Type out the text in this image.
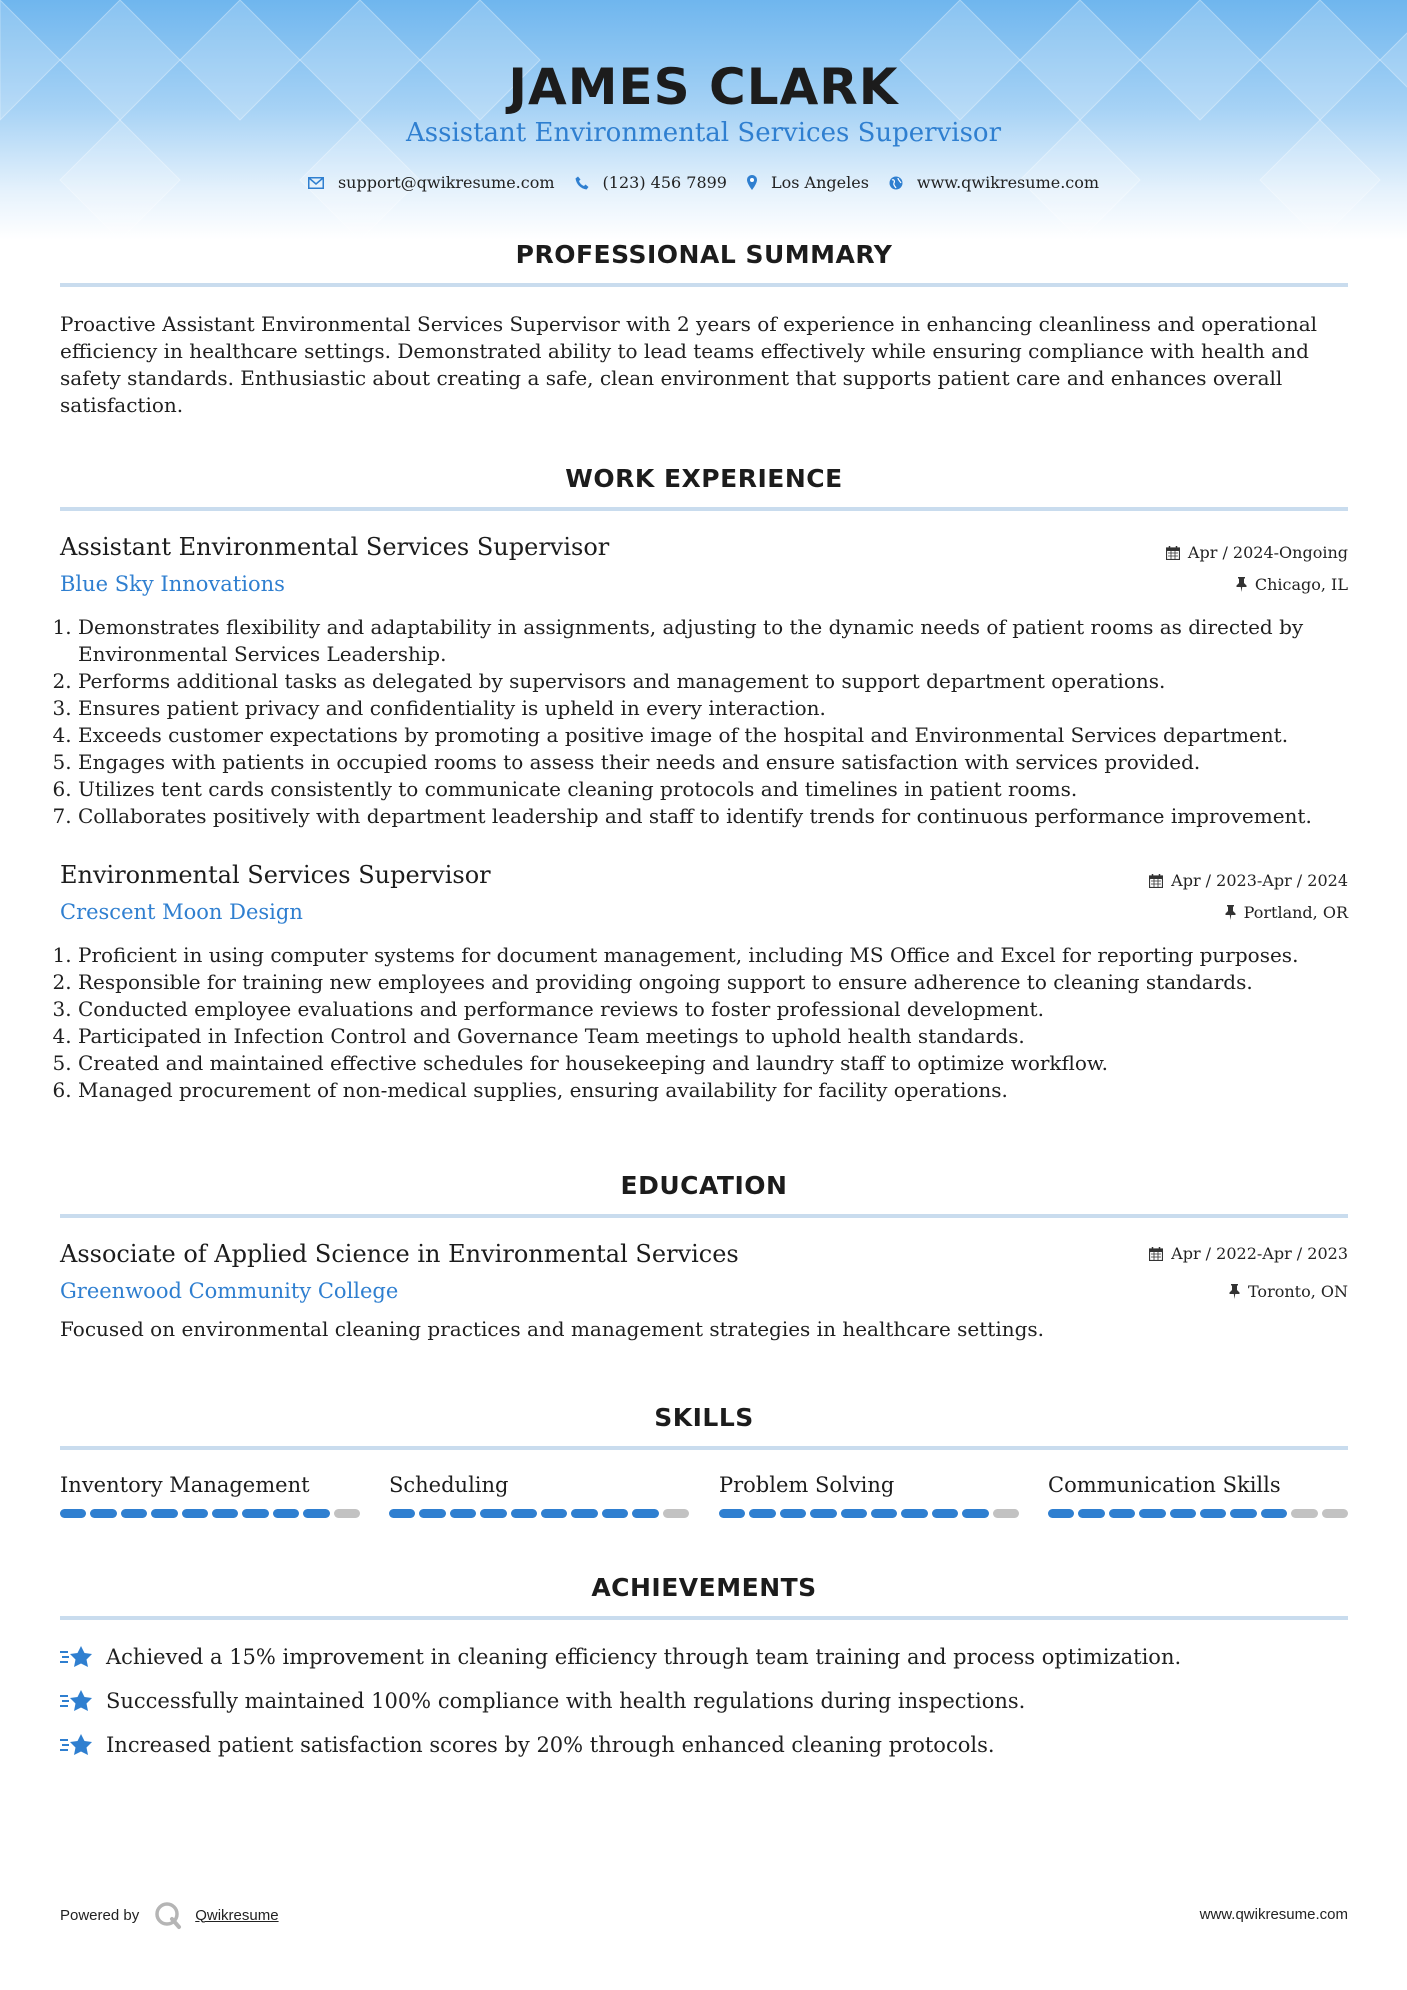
JAMES CLARK
Assistant Environmental Services Supervisor
support@qwikresume.com	(123) 456 7899	Los Angeles	www.qwikresume.com
PROFESSIONAL SUMMARY
Proactive Assistant Environmental Services Supervisor with 2 years of experience in enhancing cleanliness and operational efficiency in healthcare settings. Demonstrated ability to lead teams effectively while ensuring compliance with health and safety standards. Enthusiastic about creating a safe, clean environment that supports patient care and enhances overall satisfaction.
WORK EXPERIENCE
Assistant Environmental Services Supervisor	Apr / 2024-Ongoing
Blue Sky Innovations	Chicago, IL
1. Demonstrates flexibility and adaptability in assignments, adjusting to the dynamic needs of patient rooms as directed by Environmental Services Leadership.
2. Performs additional tasks as delegated by supervisors and management to support department operations.
3. Ensures patient privacy and confidentiality is upheld in every interaction.
4. Exceeds customer expectations by promoting a positive image of the hospital and Environmental Services department.
5. Engages with patients in occupied rooms to assess their needs and ensure satisfaction with services provided.
6. Utilizes tent cards consistently to communicate cleaning protocols and timelines in patient rooms.
7. Collaborates positively with department leadership and staff to identify trends for continuous performance improvement.
Environmental Services Supervisor	Apr / 2023-Apr / 2024
Crescent Moon Design	Portland, OR
1. Proficient in using computer systems for document management, including MS Office and Excel for reporting purposes.
2. Responsible for training new employees and providing ongoing support to ensure adherence to cleaning standards.
3. Conducted employee evaluations and performance reviews to foster professional development.
4. Participated in Infection Control and Governance Team meetings to uphold health standards.
5. Created and maintained effective schedules for housekeeping and laundry staff to optimize workflow.
6. Managed procurement of non-medical supplies, ensuring availability for facility operations.
EDUCATION
Associate of Applied Science in Environmental Services	Apr / 2022-Apr / 2023
Greenwood Community College	Toronto, ON
Focused on environmental cleaning practices and management strategies in healthcare settings.
SKILLS
Inventory Management	Scheduling	Problem Solving	Communication Skills
ACHIEVEMENTS
Achieved a 15% improvement in cleaning efficiency through team training and process optimization.
Successfully maintained 100% compliance with health regulations during inspections.
Increased patient satisfaction scores by 20% through enhanced cleaning protocols.
Powered by	Qwikresume	www.qwikresume.com
